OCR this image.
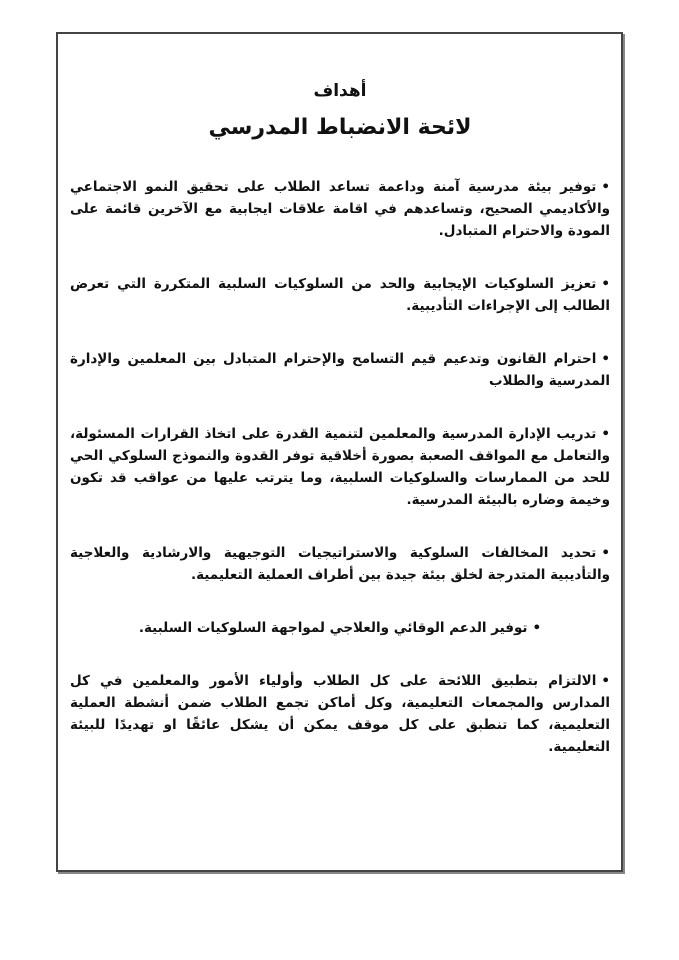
أهداف
لائحة الانضباط المدرسي
•توفير بيئة مدرسية آمنة وداعمة تساعد الطلاب على تحقيق النمو الاجتماعي والأكاديمي الصحيح، وتساعدهم في اقامة علاقات ايجابية مع الآخرين قائمة على المودة والاحترام المتبادل.
•تعزيز السلوكيات الإيجابية والحد من السلوكيات السلبية المتكررة التي تعرض الطالب إلى الإجراءات التأديبية.
•احترام القانون وتدعيم قيم التسامح والإحترام المتبادل بين المعلمين والإدارة المدرسية والطلاب
•تدريب الإدارة المدرسية والمعلمين لتنمية القدرة على اتخاذ القرارات المسئولة، والتعامل مع المواقف الصعبة بصورة أخلاقية توفر القدوة والنموذج السلوكي الحي للحد من الممارسات والسلوكيات السلبية، وما يترتب عليها من عواقب قد تكون وخيمة وضاره بالبيئة المدرسية.
•تحديد المخالفات السلوكية والاستراتيجيات التوجيهية والارشادية والعلاجية والتأديبية المتدرجة لخلق بيئة جيدة بين أطراف العملية التعليمية.
•توفير الدعم الوقائي والعلاجي لمواجهة السلوكيات السلبية.
•الالتزام بتطبيق اللائحة على كل الطلاب وأولياء الأمور والمعلمين في كل المدارس والمجمعات التعليمية، وكل أماكن تجمع الطلاب ضمن أنشطة العملية التعليمية، كما تنطبق على كل موقف يمكن أن يشكل عائقًا او تهديدًا للبيئة التعليمية.
